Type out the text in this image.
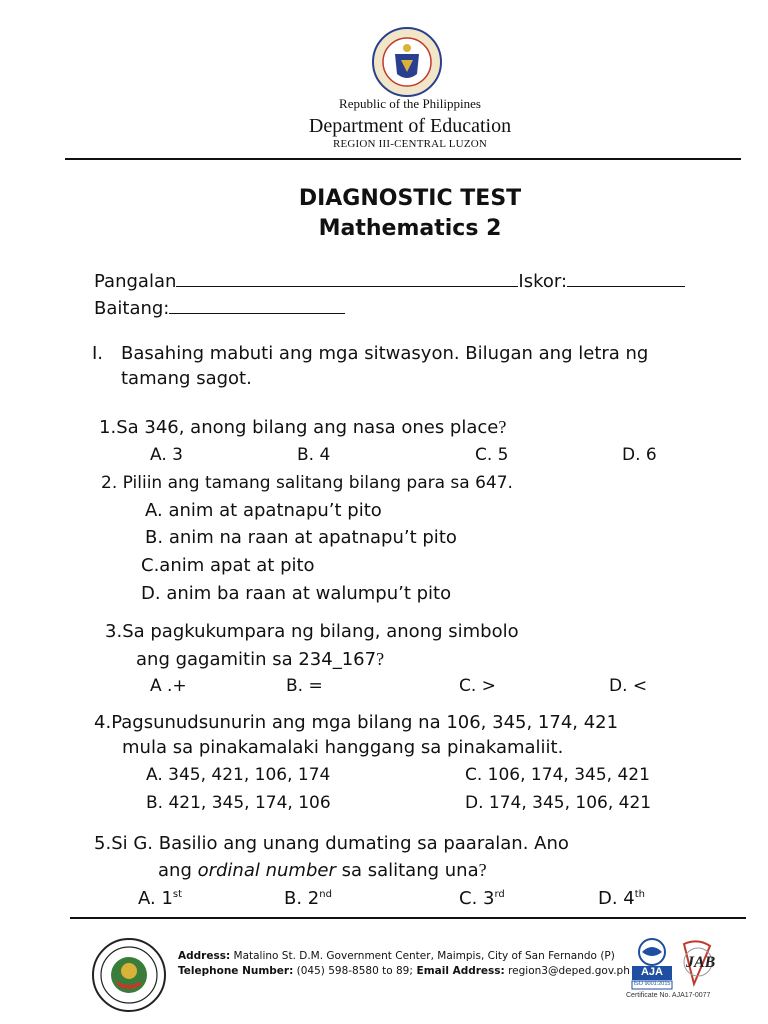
Republic of the Philippines
Department of Education
REGION III-CENTRAL LUZON
DIAGNOSTIC TEST
Mathematics 2
Pangalan	Iskor:
Baitang:
I. Basahing mabuti ang mga sitwasyon. Bilugan ang letra ng
tamang sagot.
1.Sa 346, anong bilang ang nasa ones place?
A. 3	B. 4	C. 5	D. 6
2. Piliin ang tamang salitang bilang para sa 647.
A. anim at apatnapu’t pito
B. anim na raan at apatnapu’t pito
C.anim apat at pito
D. anim ba raan at walumpu’t pito
3.Sa pagkukumpara ng bilang, anong simbolo
ang gagamitin sa 234_167?
A .+	B. =	C. >	D. <
4.Pagsunudsunurin ang mga bilang na 106, 345, 174, 421
mula sa pinakamalaki hanggang sa pinakamaliit.
A. 345, 421, 106, 174	C. 106, 174, 345, 421
B. 421, 345, 174, 106	D. 174, 345, 106, 421
5.Si G. Basilio ang unang dumating sa paaralan. Ano
ang ordinal number sa salitang una?
A. 1st	B. 2nd	C. 3rd	D. 4th
Address: Matalino St. D.M. Government Center, Maimpis, City of San Fernando (P)
Telephone Number: (045) 598-8580 to 89; Email Address: region3@deped.gov.ph	AJA
ISO 9001:2015
JAB
Certificate No. AJA17-0077
